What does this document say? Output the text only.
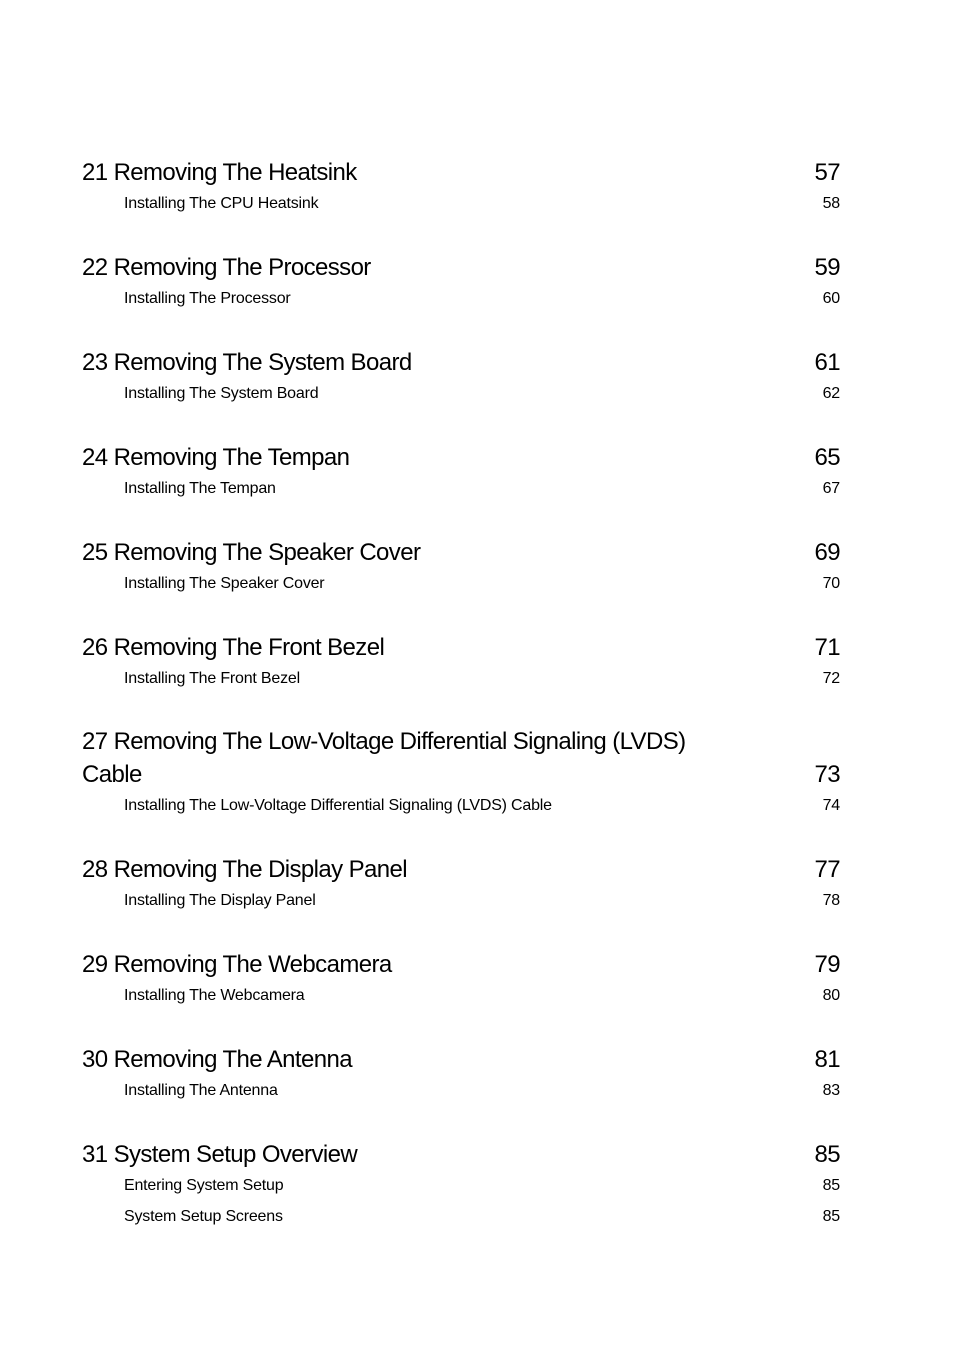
21 Removing The Heatsink	57
Installing The CPU Heatsink	58
22 Removing The Processor	59
Installing The Processor	60
23 Removing The System Board	61
Installing The System Board	62
24 Removing The Tempan	65
Installing The Tempan	67
25 Removing The Speaker Cover	69
Installing The Speaker Cover	70
26 Removing The Front Bezel	71
Installing The Front Bezel	72
27 Removing The Low-Voltage Differential Signaling (LVDS)
Cable	73
Installing The Low-Voltage Differential Signaling (LVDS) Cable	74
28 Removing The Display Panel	77
Installing The Display Panel	78
29 Removing The Webcamera	79
Installing The Webcamera	80
30 Removing The Antenna	81
Installing The Antenna	83
31 System Setup Overview	85
Entering System Setup	85
System Setup Screens	85
